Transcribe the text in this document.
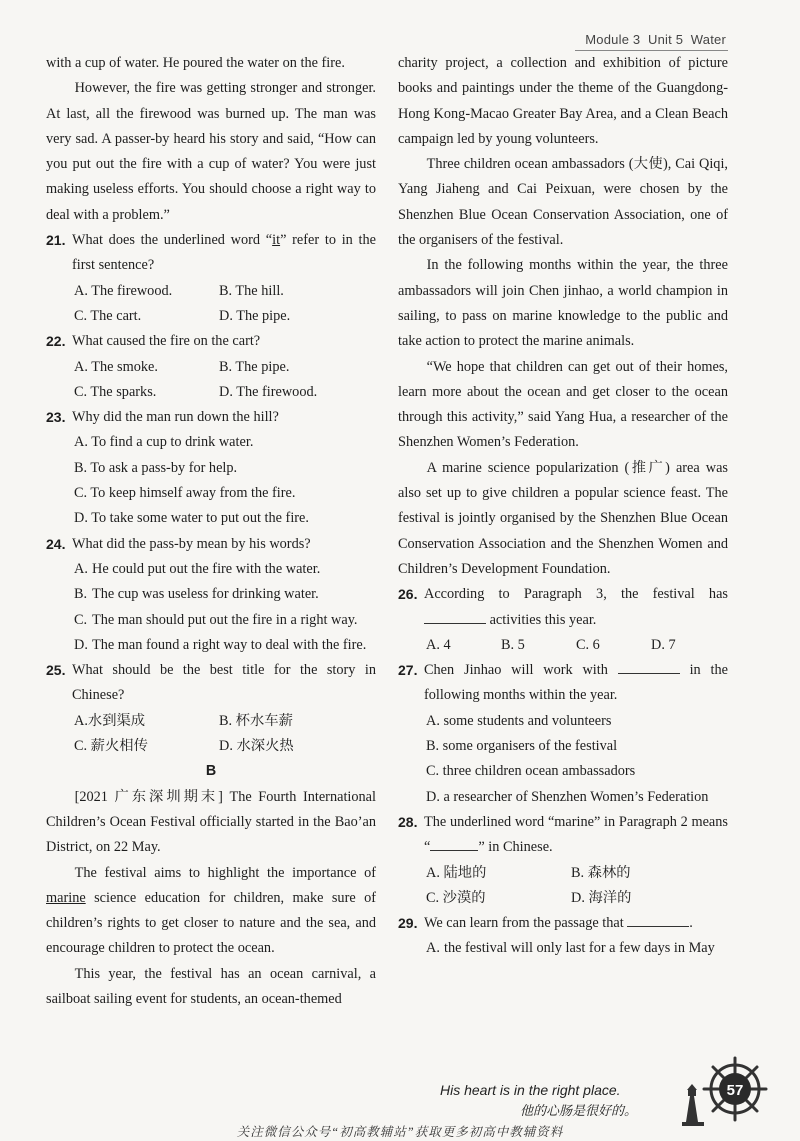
Module 3 Unit 5 Water
with a cup of water. He poured the water on the fire.
However, the fire was getting stronger and stronger. At last, all the firewood was burned up. The man was very sad. A passer-by heard his story and said, “How can you put out the fire with a cup of water? You were just making useless efforts. You should choose a right way to deal with a problem.”
21. What does the underlined word “it” refer to in the first sentence?
A. The firewood.	B. The hill.
C. The cart.	D. The pipe.
22. What caused the fire on the cart?
A. The smoke.	B. The pipe.
C. The sparks.	D. The firewood.
23. Why did the man run down the hill?
A. To find a cup to drink water.
B. To ask a pass-by for help.
C. To keep himself away from the fire.
D. To take some water to put out the fire.
24. What did the pass-by mean by his words?
A. He could put out the fire with the water.
B. The cup was useless for drinking water.
C. The man should put out the fire in a right way.
D. The man found a right way to deal with the fire.
25. What should be the best title for the story in Chinese?
A.水到渠成	B. 杯水车薪
C. 薪火相传	D. 水深火热
B
[2021 广东深圳期末] The Fourth International Children’s Ocean Festival officially started in the Bao’an District, on 22 May.
The festival aims to highlight the importance of marine science education for children, make sure of children’s rights to get closer to nature and the sea, and encourage children to protect the ocean.
This year, the festival has an ocean carnival, a sailboat sailing event for students, an ocean-themed
charity project, a collection and exhibition of picture books and paintings under the theme of the Guangdong-Hong Kong-Macao Greater Bay Area, and a Clean Beach campaign led by young volunteers.
Three children ocean ambassadors (大使), Cai Qiqi, Yang Jiaheng and Cai Peixuan, were chosen by the Shenzhen Blue Ocean Conservation Association, one of the organisers of the festival.
In the following months within the year, the three ambassadors will join Chen jinhao, a world champion in sailing, to pass on marine knowledge to the public and take action to protect the marine animals.
“We hope that children can get out of their homes, learn more about the ocean and get closer to the ocean through this activity,” said Yang Hua, a researcher of the Shenzhen Women’s Federation.
A marine science popularization (推广) area was also set up to give children a popular science feast. The festival is jointly organised by the Shenzhen Blue Ocean Conservation Association and the Shenzhen Women and Children’s Development Foundation.
26. According to Paragraph 3, the festival has  activities this year.
A. 4	B. 5	C. 6	D. 7
27. Chen Jinhao will work with	in the following months within the year.
A. some students and volunteers
B. some organisers of the festival
C. three children ocean ambassadors
D. a researcher of Shenzhen Women’s Federation
28. The underlined word “marine” in Paragraph 2 means “	” in Chinese.
A. 陆地的	B. 森林的
C. 沙漠的	D. 海洋的
29. We can learn from the passage that	.
A. the festival will only last for a few days in May
His heart is in the right place.
他的心肠是很好的。
57
关注微信公众号“初高教辅站”获取更多初高中教辅资料
